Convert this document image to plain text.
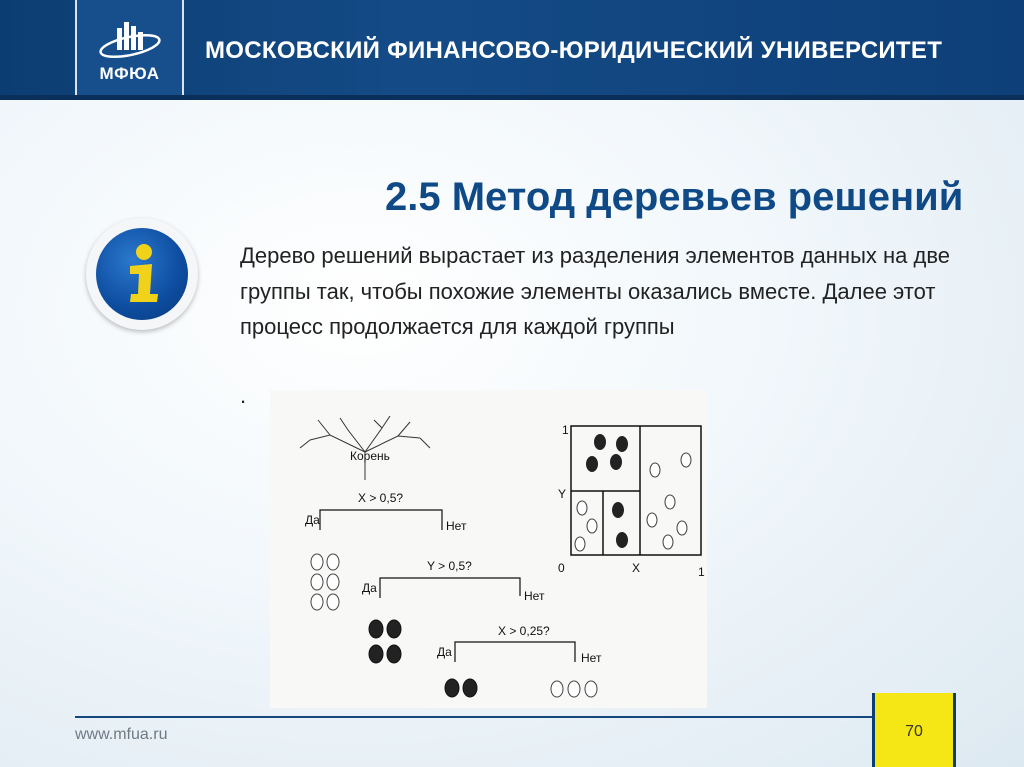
МФЮА
МОСКОВСКИЙ ФИНАНСОВО-ЮРИДИЧЕСКИЙ УНИВЕРСИТЕТ
2.5 Метод деревьев решений
Дерево решений вырастает из разделения элементов данных на две группы так, чтобы похожие элементы оказались вместе. Далее этот процесс продолжается для каждой группы
.
Корень
X > 0,5?
Да	Нет
Y > 0,5?
Да
Нет
X > 0,25?
Да	Нет
1
Y
0	X	1
www.mfua.ru	70
